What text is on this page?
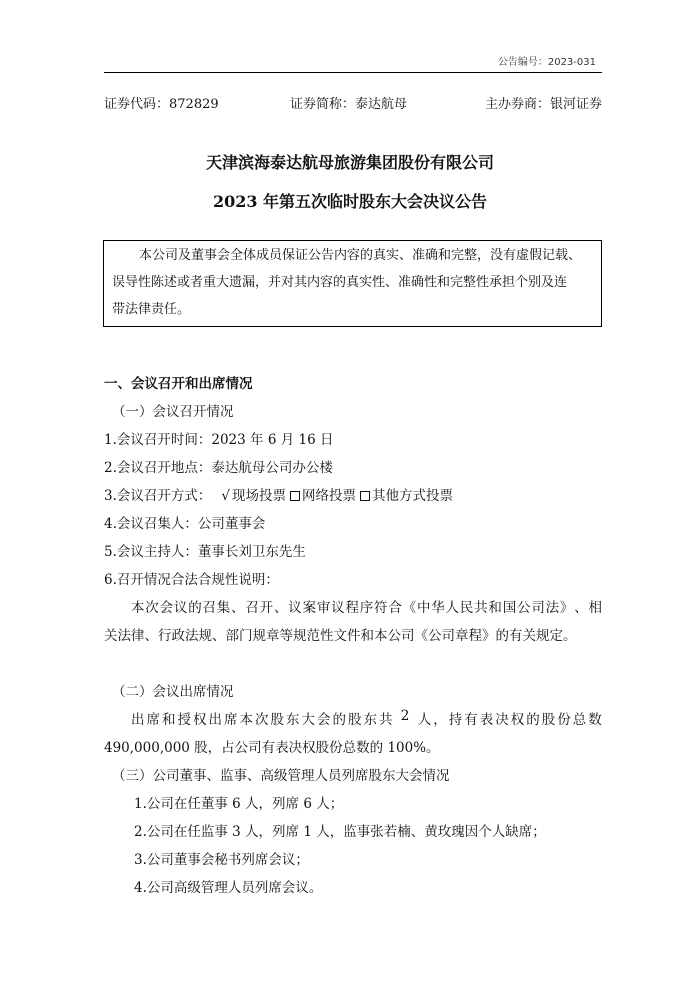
公告编号：2023-031
证券代码：872829	证券简称：泰达航母	主办券商：银河证券
天津滨海泰达航母旅游集团股份有限公司
2023 年第五次临时股东大会决议公告
本公司及董事会全体成员保证公告内容的真实、准确和完整，没有虚假记载、
误导性陈述或者重大遗漏，并对其内容的真实性、准确性和完整性承担个别及连
带法律责任。
一、会议召开和出席情况
（一）会议召开情况
1.会议召开时间：2023 年 6 月 16 日
2.会议召开地点：泰达航母公司办公楼
3.会议召开方式： √ 现场投票 网络投票 其他方式投票
4.会议召集人：公司董事会
5.会议主持人：董事长刘卫东先生
6.召开情况合法合规性说明：
本 次 会 议 的 召 集 、 召 开 、 议 案 审 议 程 序 符 合 《 中 华 人 民 共 和 国 公 司 法 》 、 相
关法律、行政法规、部门规章等规范性文件和本公司《公司章程》的有关规定。
（二）会议出席情况
出 席 和 授 权 出 席 本 次 股 东 大 会 的 股 东 共
2
人 ， 持 有 表 决 权 的 股 份 总 数
490,000,000 股，占公司有表决权股份总数的 100%。
（三）公司董事、监事、高级管理人员列席股东大会情况
1.公司在任董事 6 人，列席 6 人；
2.公司在任监事 3 人，列席 1 人，监事张若楠、黄玫瑰因个人缺席；
3.公司董事会秘书列席会议；
4.公司高级管理人员列席会议。
